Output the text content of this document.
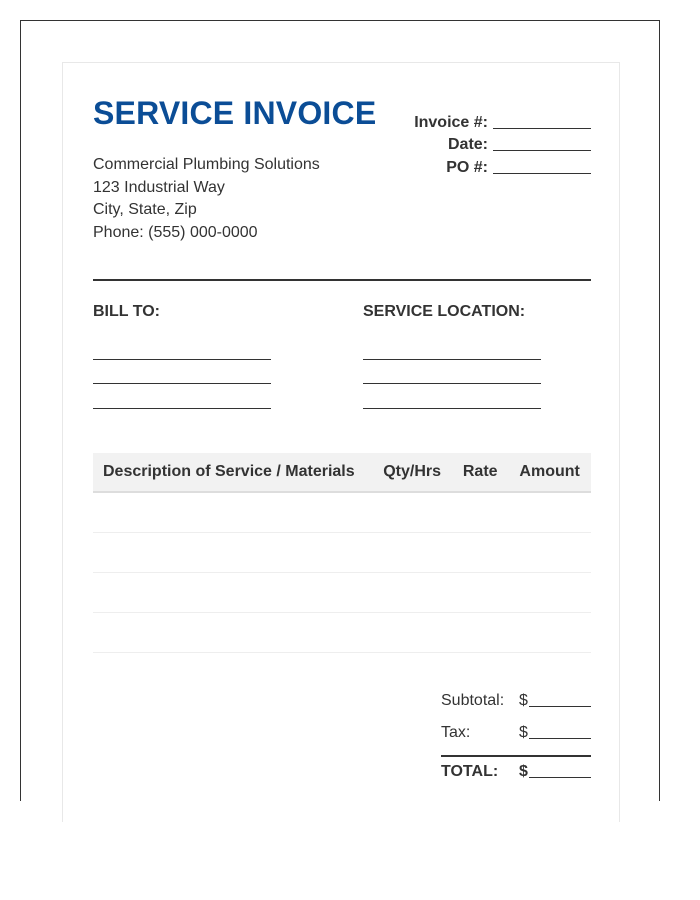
SERVICE INVOICE
Commercial Plumbing Solutions
123 Industrial Way
City, State, Zip
Phone: (555) 000-0000
Invoice #:
Date:
PO #:
BILL TO:	SERVICE LOCATION:
Description of Service / Materials	Qty/Hrs	Rate	Amount

Subtotal: $
Tax:	$
TOTAL:	$
